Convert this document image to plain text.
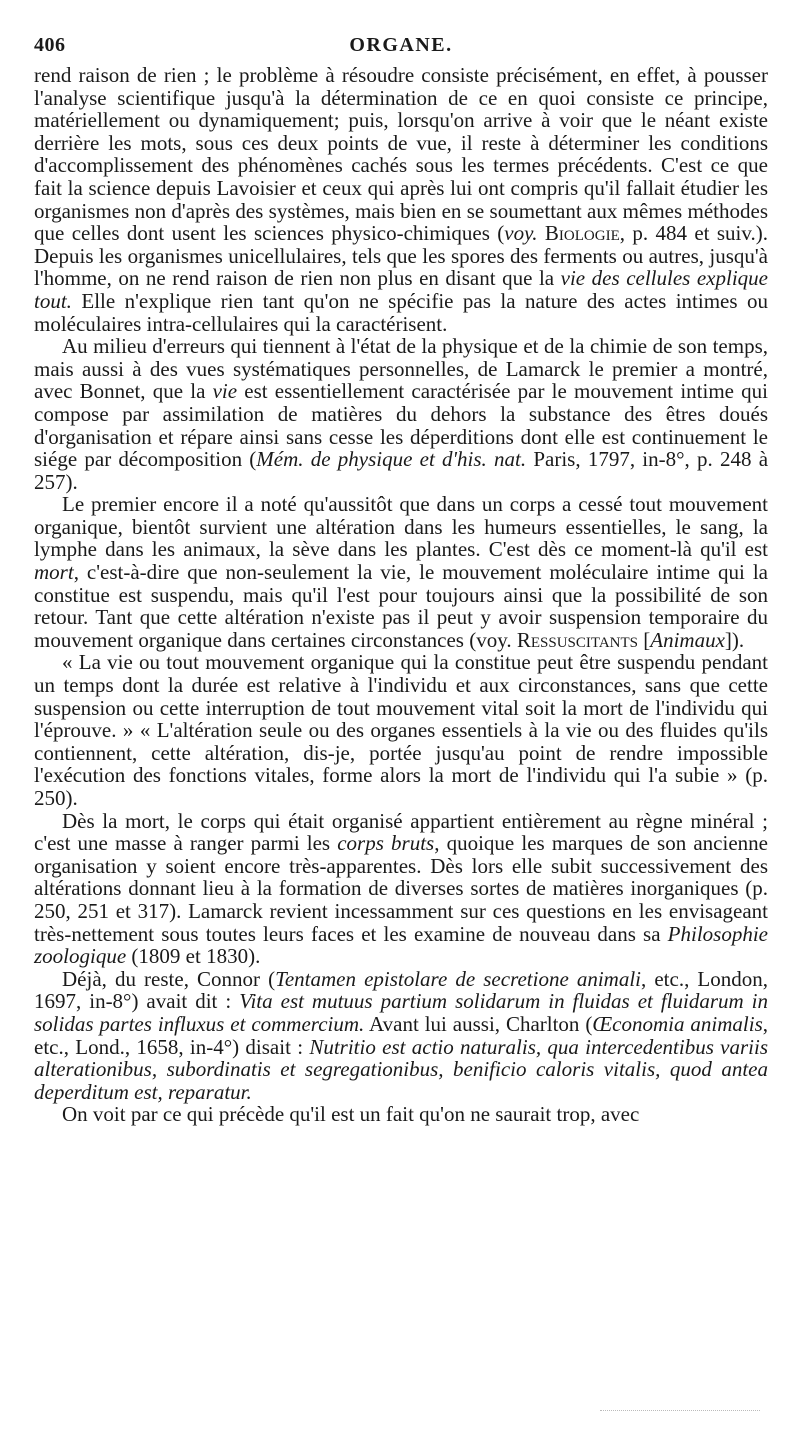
406	ORGANE.

rend raison de rien ; le problème à résoudre consiste précisément, en effet, à pousser l'analyse scientifique jusqu'à la détermination de ce en quoi consiste ce principe, matériellement ou dynamiquement; puis, lorsqu'on arrive à voir que le néant existe derrière les mots, sous ces deux points de vue, il reste à déterminer les conditions d'accomplissement des phénomènes cachés sous les termes précédents. C'est ce que fait la science depuis Lavoisier et ceux qui après lui ont compris qu'il fallait étudier les organismes non d'après des systèmes, mais bien en se soumettant aux mêmes méthodes que celles dont usent les sciences physico-chimiques (voy. Biologie, p. 484 et suiv.). Depuis les organismes unicellulaires, tels que les spores des ferments ou autres, jusqu'à l'homme, on ne rend raison de rien non plus en disant que la vie des cellules explique tout. Elle n'explique rien tant qu'on ne spécifie pas la nature des actes intimes ou moléculaires intra-cellulaires qui la caractérisent.

Au milieu d'erreurs qui tiennent à l'état de la physique et de la chimie de son temps, mais aussi à des vues systématiques personnelles, de Lamarck le premier a montré, avec Bonnet, que la vie est essentiellement caractérisée par le mouvement intime qui compose par assimilation de matières du dehors la substance des êtres doués d'organisation et répare ainsi sans cesse les déperditions dont elle est continuement le siége par décomposition (Mém. de physique et d'his. nat. Paris, 1797, in-8°, p. 248 à 257).

Le premier encore il a noté qu'aussitôt que dans un corps a cessé tout mouvement organique, bientôt survient une altération dans les humeurs essentielles, le sang, la lymphe dans les animaux, la sève dans les plantes. C'est dès ce moment-là qu'il est mort, c'est-à-dire que non-seulement la vie, le mouvement moléculaire intime qui la constitue est suspendu, mais qu'il l'est pour toujours ainsi que la possibilité de son retour. Tant que cette altération n'existe pas il peut y avoir suspension temporaire du mouvement organique dans certaines circonstances (voy. Ressuscitants [Animaux]).

« La vie ou tout mouvement organique qui la constitue peut être suspendu pendant un temps dont la durée est relative à l'individu et aux circonstances, sans que cette suspension ou cette interruption de tout mouvement vital soit la mort de l'individu qui l'éprouve. » « L'altération seule ou des organes essentiels à la vie ou des fluides qu'ils contiennent, cette altération, dis-je, portée jusqu'au point de rendre impossible l'exécution des fonctions vitales, forme alors la mort de l'individu qui l'a subie » (p. 250).

Dès la mort, le corps qui était organisé appartient entièrement au règne minéral ; c'est une masse à ranger parmi les corps bruts, quoique les marques de son ancienne organisation y soient encore très-apparentes. Dès lors elle subit successivement des altérations donnant lieu à la formation de diverses sortes de matières inorganiques (p. 250, 251 et 317). Lamarck revient incessamment sur ces questions en les envisageant très-nettement sous toutes leurs faces et les examine de nouveau dans sa Philosophie zoologique (1809 et 1830).

Déjà, du reste, Connor (Tentamen epistolare de secretione animali, etc., London, 1697, in-8°) avait dit : Vita est mutuus partium solidarum in fluidas et fluidarum in solidas partes influxus et commercium. Avant lui aussi, Charlton (Œconomia animalis, etc., Lond., 1658, in-4°) disait : Nutritio est actio naturalis, qua intercedentibus variis alterationibus, subordinatis et segregationibus, benificio caloris vitalis, quod antea deperditum est, reparatur.

On voit par ce qui précède qu'il est un fait qu'on ne saurait trop, avec
